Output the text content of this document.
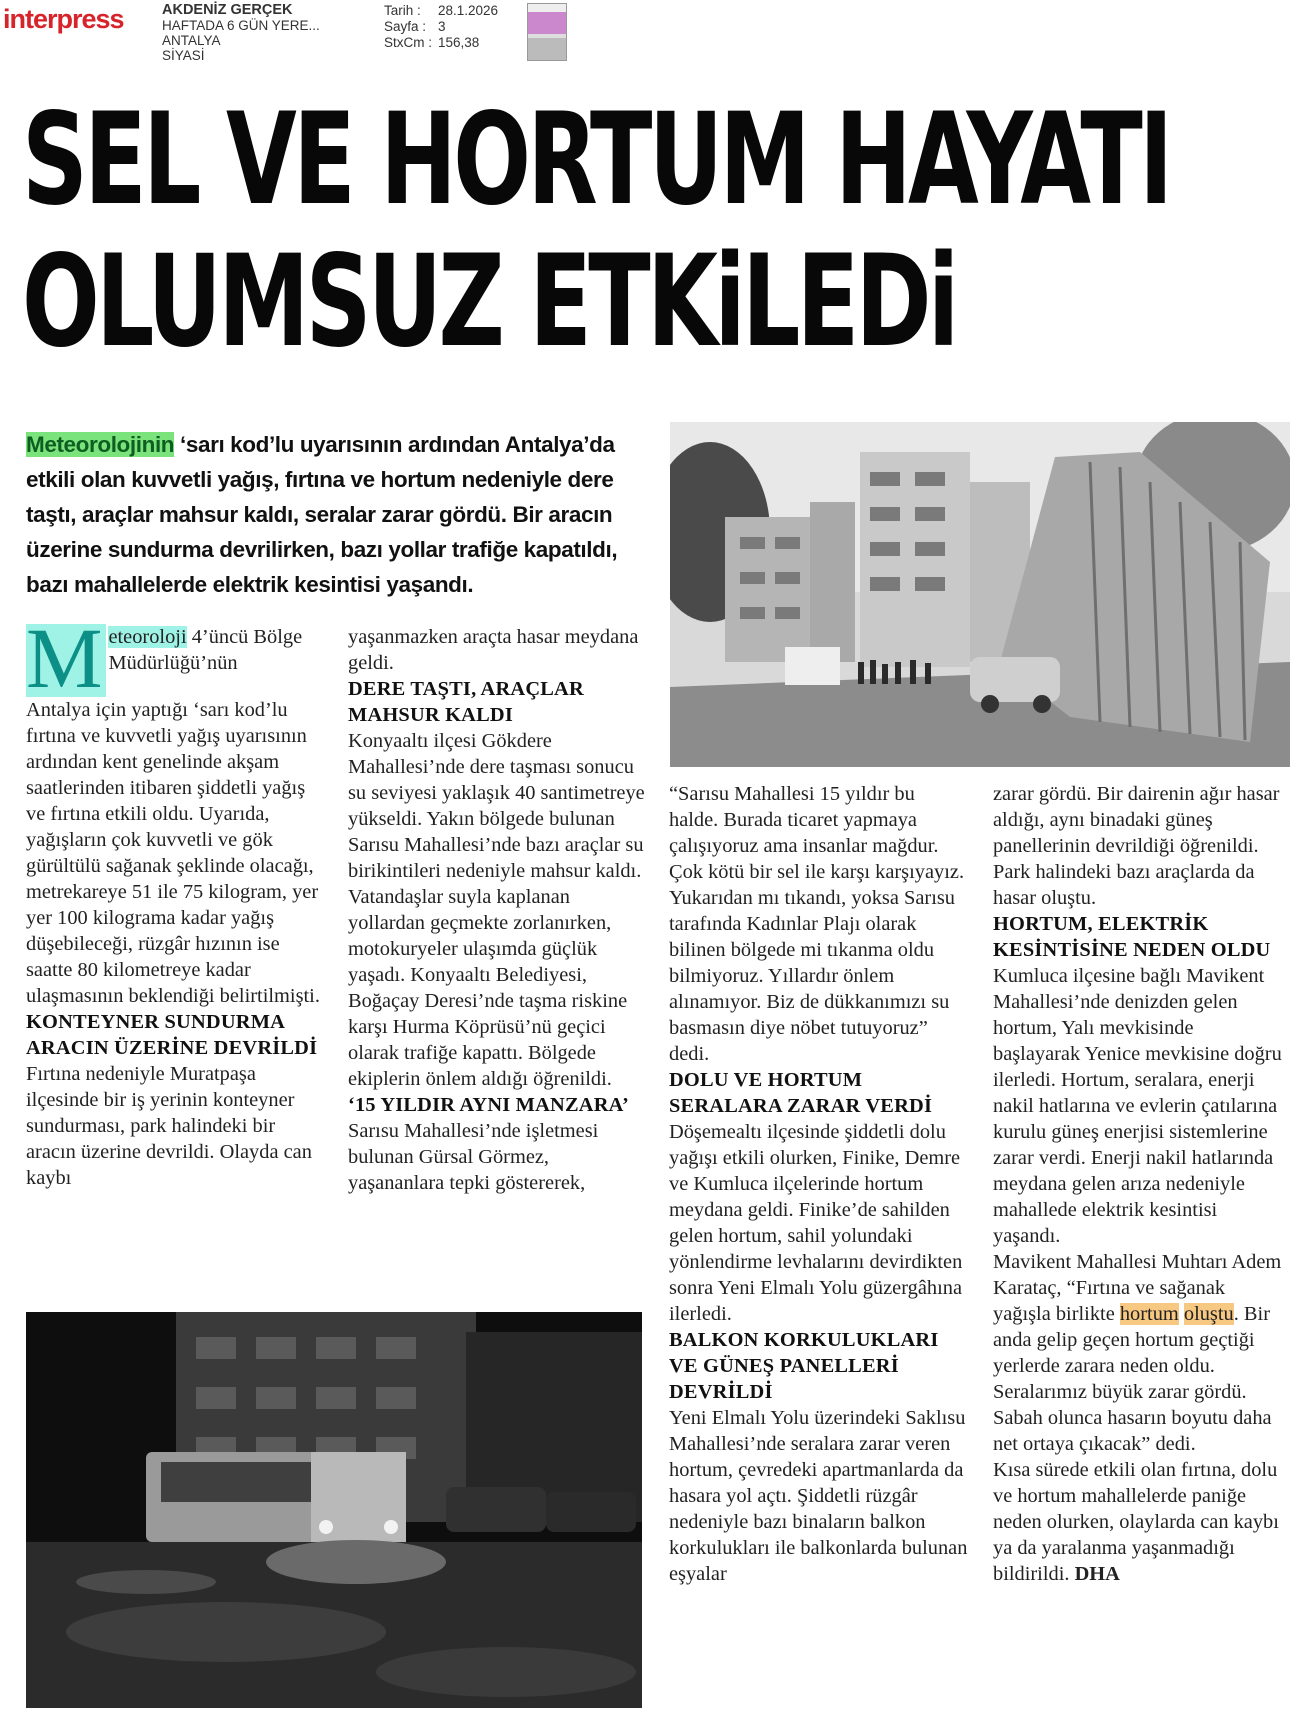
interpress	AKDENİZ GERÇEK
HAFTADA 6 GÜN YERE...
ANTALYA
SİYASİ
Tarih : 28.1.2026
Sayfa : 3
StxCm : 156,38
SEL VE HORTUM HAYATI
OLUMSUZ ETKiLEDi
Meteorolojinin ‘sarı kod’lu uyarısının ardından Antalya’da etkili olan kuvvetli yağış, fırtına ve hortum nedeniyle dere taştı, araçlar mahsur kaldı, seralar zarar gördü. Bir aracın üzerine sundurma devrilirken, bazı yollar trafiğe kapatıldı, bazı mahallelerde elektrik kesintisi yaşandı.
M eteoroloji 4’üncü Bölge Müdürlüğü’nün

Antalya için yaptığı ‘sarı kod’lu fırtına ve kuvvetli yağış uyarısının ardından kent genelinde akşam saatlerinden itibaren şiddetli yağış ve fırtına etkili oldu. Uyarıda, yağışların çok kuvvetli ve gök gürültülü sağanak şeklinde olacağı, metrekareye 51 ile 75 kilogram, yer yer 100 kilograma kadar yağış düşebileceği, rüzgâr hızının ise saatte 80 kilometreye kadar ulaşmasının beklendiği belirtilmişti.

KONTEYNER SUNDURMA ARACIN ÜZERİNE DEVRİLDİ

Fırtına nedeniyle Muratpaşa ilçesinde bir iş yerinin konteyner sundurması, park halindeki bir aracın üzerine devrildi. Olayda can kaybı

yaşanmazken araçta hasar meydana geldi.

DERE TAŞTI, ARAÇLAR MAHSUR KALDI

Konyaaltı ilçesi Gökdere Mahallesi’nde dere taşması sonucu su seviyesi yaklaşık 40 santimetreye yükseldi. Yakın bölgede bulunan Sarısu Mahallesi’nde bazı araçlar su birikintileri nedeniyle mahsur kaldı. Vatandaşlar suyla kaplanan yollardan geçmekte zorlanırken, motokuryeler ulaşımda güçlük yaşadı. Konyaaltı Belediyesi, Boğaçay Deresi’nde taşma riskine karşı Hurma Köprüsü’nü geçici olarak trafiğe kapattı. Bölgede ekiplerin önlem aldığı öğrenildi.

‘15 YILDIR AYNI MANZARA’

Sarısu Mahallesi’nde işletmesi bulunan Gürsal Görmez, yaşananlara tepki göstererek,

“Sarısu Mahallesi 15 yıldır bu halde. Burada ticaret yapmaya çalışıyoruz ama insanlar mağdur. Çok kötü bir sel ile karşı karşıyayız. Yukarıdan mı tıkandı, yoksa Sarısu tarafında Kadınlar Plajı olarak bilinen bölgede mi tıkanma oldu bilmiyoruz. Yıllardır önlem alınamıyor. Biz de dükkanımızı su basmasın diye nöbet tutuyoruz” dedi.

DOLU VE HORTUM SERALARA ZARAR VERDİ

Döşemealtı ilçesinde şiddetli dolu yağışı etkili olurken, Finike, Demre ve Kumluca ilçelerinde hortum meydana geldi. Finike’de sahilden gelen hortum, sahil yolundaki yönlendirme levhalarını devirdikten sonra Yeni Elmalı Yolu güzergâhına ilerledi.

BALKON KORKULUKLARI VE GÜNEŞ PANELLERİ DEVRİLDİ

Yeni Elmalı Yolu üzerindeki Saklısu Mahallesi’nde seralara zarar veren hortum, çevredeki apartmanlarda da hasara yol açtı. Şiddetli rüzgâr nedeniyle bazı binaların balkon korkulukları ile balkonlarda bulunan eşyalar

zarar gördü. Bir dairenin ağır hasar aldığı, aynı binadaki güneş panellerinin devrildiği öğrenildi. Park halindeki bazı araçlarda da hasar oluştu.

HORTUM, ELEKTRİK KESİNTİSİNE NEDEN OLDU

Kumluca ilçesine bağlı Mavikent Mahallesi’nde denizden gelen hortum, Yalı mevkisinde başlayarak Yenice mevkisine doğru ilerledi. Hortum, seralara, enerji nakil hatlarına ve evlerin çatılarına kurulu güneş enerjisi sistemlerine zarar verdi. Enerji nakil hatlarında meydana gelen arıza nedeniyle mahallede elektrik kesintisi yaşandı.

Mavikent Mahallesi Muhtarı Adem Karataç, “Fırtına ve sağanak yağışla birlikte hortum oluştu. Bir anda gelip geçen hortum geçtiği yerlerde zarara neden oldu. Seralarımız büyük zarar gördü. Sabah olunca hasarın boyutu daha net ortaya çıkacak” dedi.

Kısa sürede etkili olan fırtına, dolu ve hortum mahallelerde paniğe neden olurken, olaylarda can kaybı ya da yaralanma yaşanmadığı bildirildi. DHA
